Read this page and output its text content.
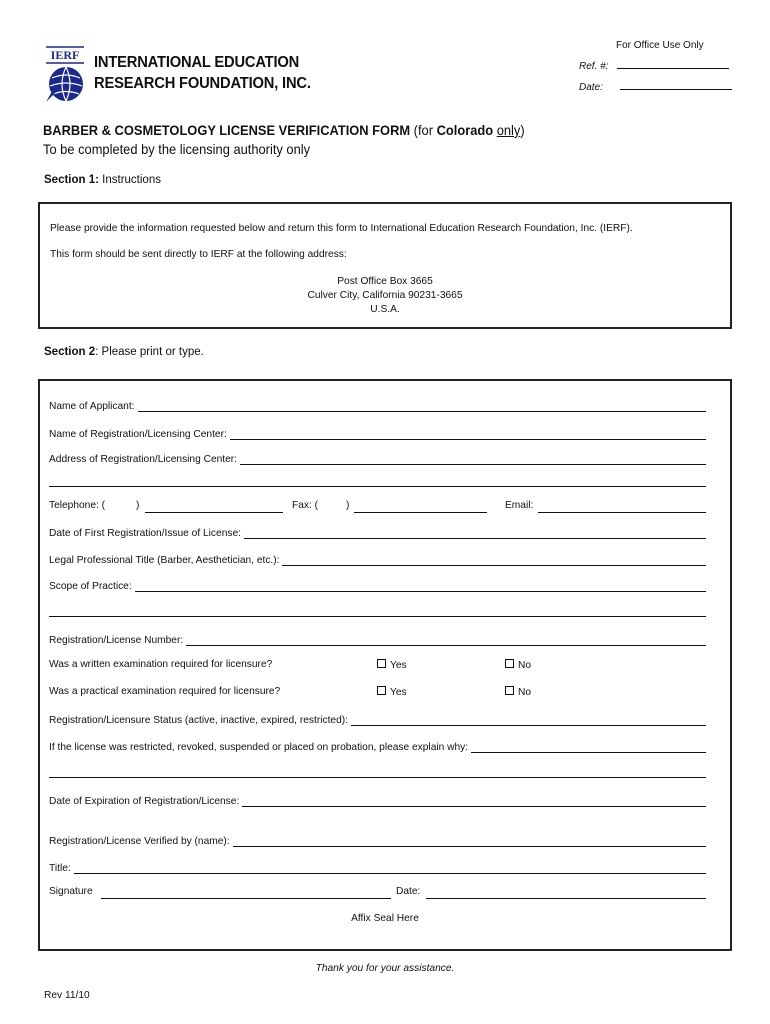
IERF INTERNATIONAL EDUCATION
RESEARCH FOUNDATION, INC.
For Office Use Only
Ref. #:
Date:
BARBER & COSMETOLOGY LICENSE VERIFICATION FORM (for Colorado only)
To be completed by the licensing authority only
Section 1: Instructions
Please provide the information requested below and return this form to International Education Research Foundation, Inc. (IERF).
This form should be sent directly to IERF at the following address:
Post Office Box 3665
Culver City, California 90231-3665
U.S.A.
Section 2: Please print or type.
Name of Applicant:
Name of Registration/Licensing Center:
Address of Registration/Licensing Center:
Telephone: (	)	Fax: (	)	Email:
Date of First Registration/Issue of License:
Legal Professional Title (Barber, Aesthetician, etc.):
Scope of Practice:
Registration/License Number:
Was a written examination required for licensure?	Yes	No
Was a practical examination required for licensure?	Yes	No
Registration/Licensure Status (active, inactive, expired, restricted):
If the license was restricted, revoked, suspended or placed on probation, please explain why:
Date of Expiration of Registration/License:
Registration/License Verified by (name):
Title:
Signature	Date:
Affix Seal Here
Thank you for your assistance.
Rev 11/10
